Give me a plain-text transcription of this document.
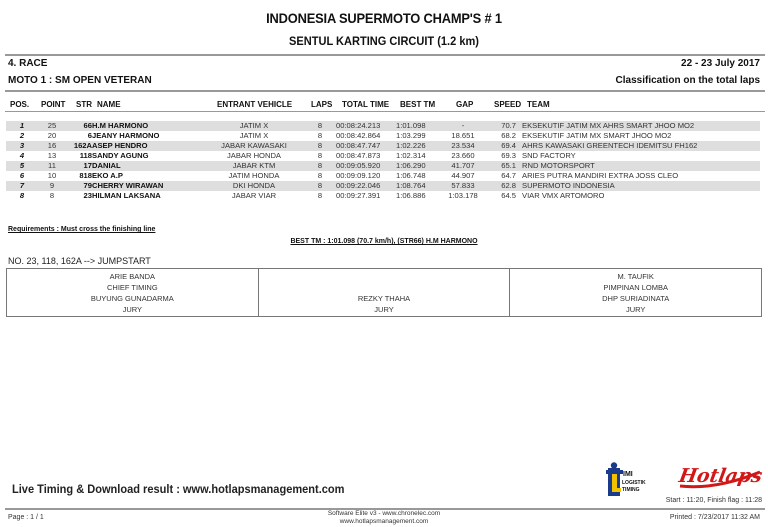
INDONESIA SUPERMOTO CHAMP'S # 1
SENTUL KARTING CIRCUIT (1.2 km)
4. RACE	22 - 23 July 2017
MOTO 1 : SM OPEN VETERAN	Classification on the total laps
POS. POINT STR NAME	ENTRANT VEHICLE LAPS TOTAL TIME BEST TM	GAP	SPEED TEAM
1	25	66 H.M HARMONO	JATIM X	8	00:08:24.213	1:01.098	-	70.7 EKSEKUTIF JATIM MX AHRS SMART JHOO MO2
2	20	6 JEANY HARMONO	JATIM X	8	00:08:42.864	1:03.299	18.651	68.2 EKSEKUTIF JATIM MX SMART JHOO MO2
3	16	162A ASEP HENDRO	JABAR KAWASAKI	8	00:08:47.747	1:02.226	23.534	69.4 AHRS KAWASAKI GREENTECH IDEMITSU FH162
4	13	118 SANDY AGUNG	JABAR HONDA	8	00:08:47.873	1:02.314	23.660	69.3 SND FACTORY
5	11	17 DANIAL	JABAR KTM	8	00:09:05.920	1:06.290	41.707	65.1 RND MOTORSPORT
6	10	818 EKO A.P	JATIM HONDA	8	00:09:09.120	1:06.748	44.907	64.7 ARIES PUTRA MANDIRI EXTRA JOSS CLEO
7	9	79 CHERRY WIRAWAN	DKI HONDA	8	00:09:22.046	1:08.764	57.833	62.8 SUPERMOTO INDONESIA
8	8	23 HILMAN LAKSANA	JABAR VIAR	8	00:09:27.391	1:06.886	1:03.178	64.5 VIAR VMX ARTOMORO
Requirements : Must cross the finishing line
BEST TM : 1:01.098 (70.7 km/h), (STR66) H.M HARMONO
NO. 23, 118, 162A --> JUMPSTART
ARIE BANDA
CHIEF TIMING
BUYUNG GUNADARMA
JURY
REZKY THAHA
JURY
M. TAUFIK
PIMPINAN LOMBA
DHP SURIADINATA
JURY
Live Timing & Download result : www.hotlapsmanagement.com
IMI
LOGISTIK
TIMING
Hotlaps
Start : 11:20, Finish flag : 11:28
Page : 1 / 1
Software Elite v3 - www.chronelec.com
www.hotlapsmanagement.com
Printed : 7/23/2017 11:32 AM
